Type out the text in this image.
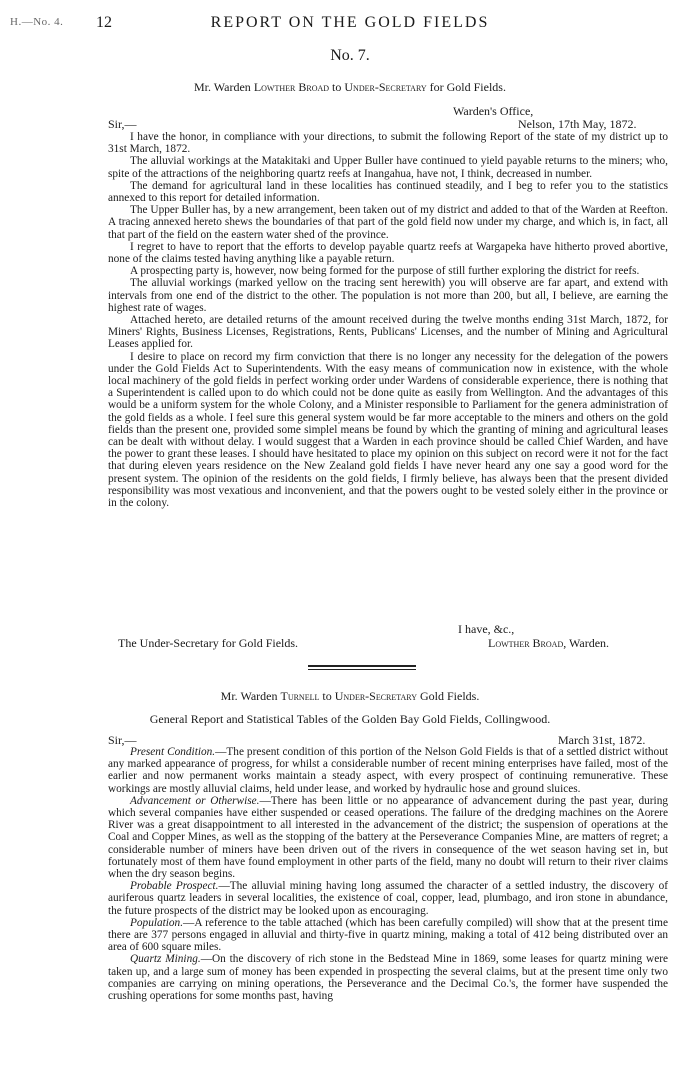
H.—No. 4. 12	REPORT ON THE GOLD FIELDS
No. 7.
Mr. Warden Lowther Broad to Under-Secretary for Gold Fields.
Warden's Office,
Sir,—	Nelson, 17th May, 1872.

I have the honor, in compliance with your directions, to submit the following Report of the state of my district up to 31st March, 1872.

The alluvial workings at the Matakitaki and Upper Buller have continued to yield payable returns to the miners; who, spite of the attractions of the neighboring quartz reefs at Inangahua, have not, I think, decreased in number.

The demand for agricultural land in these localities has continued steadily, and I beg to refer you to the statistics annexed to this report for detailed information.

The Upper Buller has, by a new arrangement, been taken out of my district and added to that of the Warden at Reefton. A tracing annexed hereto shews the boundaries of that part of the gold field now under my charge, and which is, in fact, all that part of the field on the eastern water shed of the province.

I regret to have to report that the efforts to develop payable quartz reefs at Wargapeka have hitherto proved abortive, none of the claims tested having anything like a payable return.

A prospecting party is, however, now being formed for the purpose of still further exploring the district for reefs.

The alluvial workings (marked yellow on the tracing sent herewith) you will observe are far apart, and extend with intervals from one end of the district to the other. The population is not more than 200, but all, I believe, are earning the highest rate of wages.

Attached hereto, are detailed returns of the amount received during the twelve months ending 31st March, 1872, for Miners' Rights, Business Licenses, Registrations, Rents, Publicans' Licenses, and the number of Mining and Agricultural Leases applied for.

I desire to place on record my firm conviction that there is no longer any necessity for the delegation of the powers under the Gold Fields Act to Superintendents. With the easy means of communication now in existence, with the whole local machinery of the gold fields in perfect working order under Wardens of considerable experience, there is nothing that a Superintendent is called upon to do which could not be done quite as easily from Wellington. And the advantages of this would be a uniform system for the whole Colony, and a Minister responsible to Parliament for the genera administration of the gold fields as a whole. I feel sure this general system would be far more acceptable to the miners and others on the gold fields than the present one, provided some simplel means be found by which the granting of mining and agricultural leases can be dealt with without delay. I would suggest that a Warden in each province should be called Chief Warden, and have the power to grant these leases. I should have hesitated to place my opinion on this subject on record were it not for the fact that during eleven years residence on the New Zealand gold fields I have never heard any one say a good word for the present system. The opinion of the residents on the gold fields, I firmly believe, has always been that the present divided responsibility was most vexatious and inconvenient, and that the powers ought to be vested solely either in the province or in the colony.

I have, &c.,
The Under-Secretary for Gold Fields.	Lowther Broad, Warden.
Mr. Warden Turnell to Under-Secretary Gold Fields.
General Report and Statistical Tables of the Golden Bay Gold Fields, Collingwood.
Sir,—	March 31st, 1872.

Present Condition.—The present condition of this portion of the Nelson Gold Fields is that of a settled district without any marked appearance of progress, for whilst a considerable number of recent mining enterprises have failed, most of the earlier and now permanent works maintain a steady aspect, with every prospect of continuing remunerative. These workings are mostly alluvial claims, held under lease, and worked by hydraulic hose and ground sluices.

Advancement or Otherwise.—There has been little or no appearance of advancement during the past year, during which several companies have either suspended or ceased operations. The failure of the dredging machines on the Aorere River was a great disappointment to all interested in the advancement of the district; the suspension of operations at the Coal and Copper Mines, as well as the stopping of the battery at the Perseverance Companies Mine, are matters of regret; a considerable number of miners have been driven out of the rivers in consequence of the wet season having set in, but fortunately most of them have found employment in other parts of the field, many no doubt will return to their river claims when the dry season begins.

Probable Prospect.—The alluvial mining having long assumed the character of a settled industry, the discovery of auriferous quartz leaders in several localities, the existence of coal, copper, lead, plumbago, and iron stone in abundance, the future prospects of the district may be looked upon as encouraging.

Population.—A reference to the table attached (which has been carefully compiled) will show that at the present time there are 377 persons engaged in alluvial and thirty-five in quartz mining, making a total of 412 being distributed over an area of 600 square miles.

Quartz Mining.—On the discovery of rich stone in the Bedstead Mine in 1869, some leases for quartz mining were taken up, and a large sum of money has been expended in prospecting the several claims, but at the present time only two companies are carrying on mining operations, the Perseverance and the Decimal Co.'s, the former have suspended the crushing operations for some months past, having
